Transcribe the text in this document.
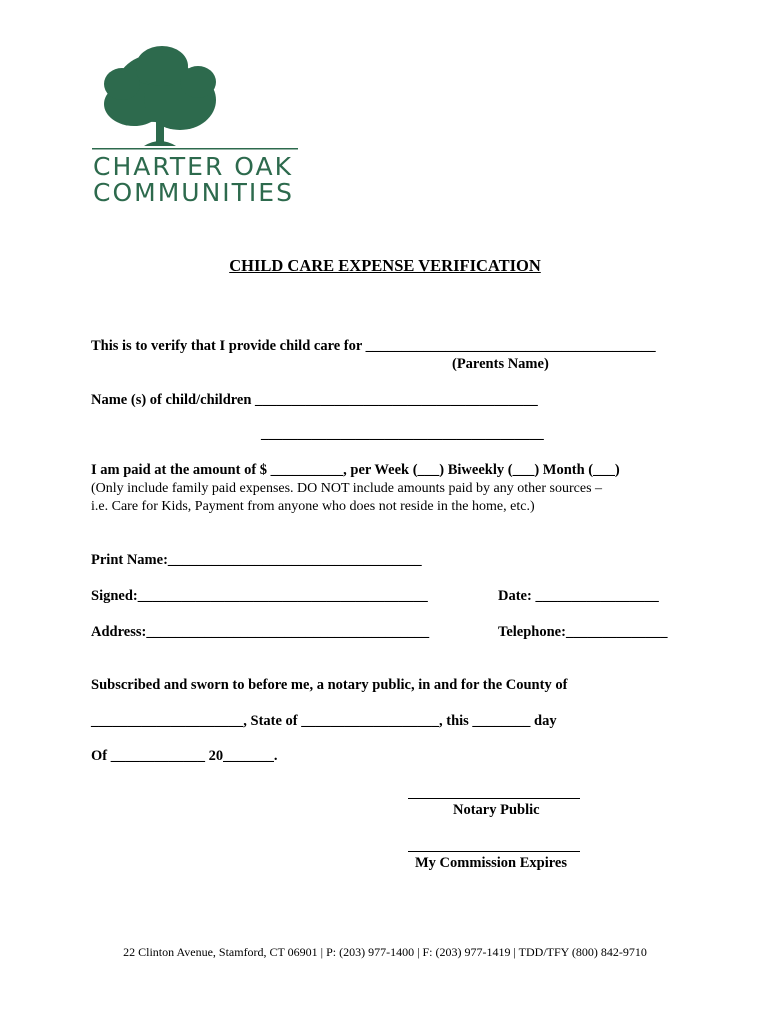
CHARTER OAK
COMMUNITIES
CHILD CARE EXPENSE VERIFICATION
This is to verify that I provide child care for ________________________________________
(Parents Name)
Name (s) of child/children _______________________________________
_______________________________________
I am paid at the amount of $ __________, per Week (___) Biweekly (___) Month (___)
(Only include family paid expenses. DO NOT include amounts paid by any other sources –
i.e. Care for Kids, Payment from anyone who does not reside in the home, etc.)
Print Name:___________________________________
Signed:________________________________________	Date: _________________
Address:_______________________________________	Telephone:______________
Subscribed and sworn to before me, a notary public, in and for the County of
_____________________, State of ___________________, this ________ day
Of _____________ 20_______.
Notary Public
My Commission Expires
22 Clinton Avenue, Stamford, CT 06901 | P: (203) 977-1400 | F: (203) 977-1419 | TDD/TFY (800) 842-9710
